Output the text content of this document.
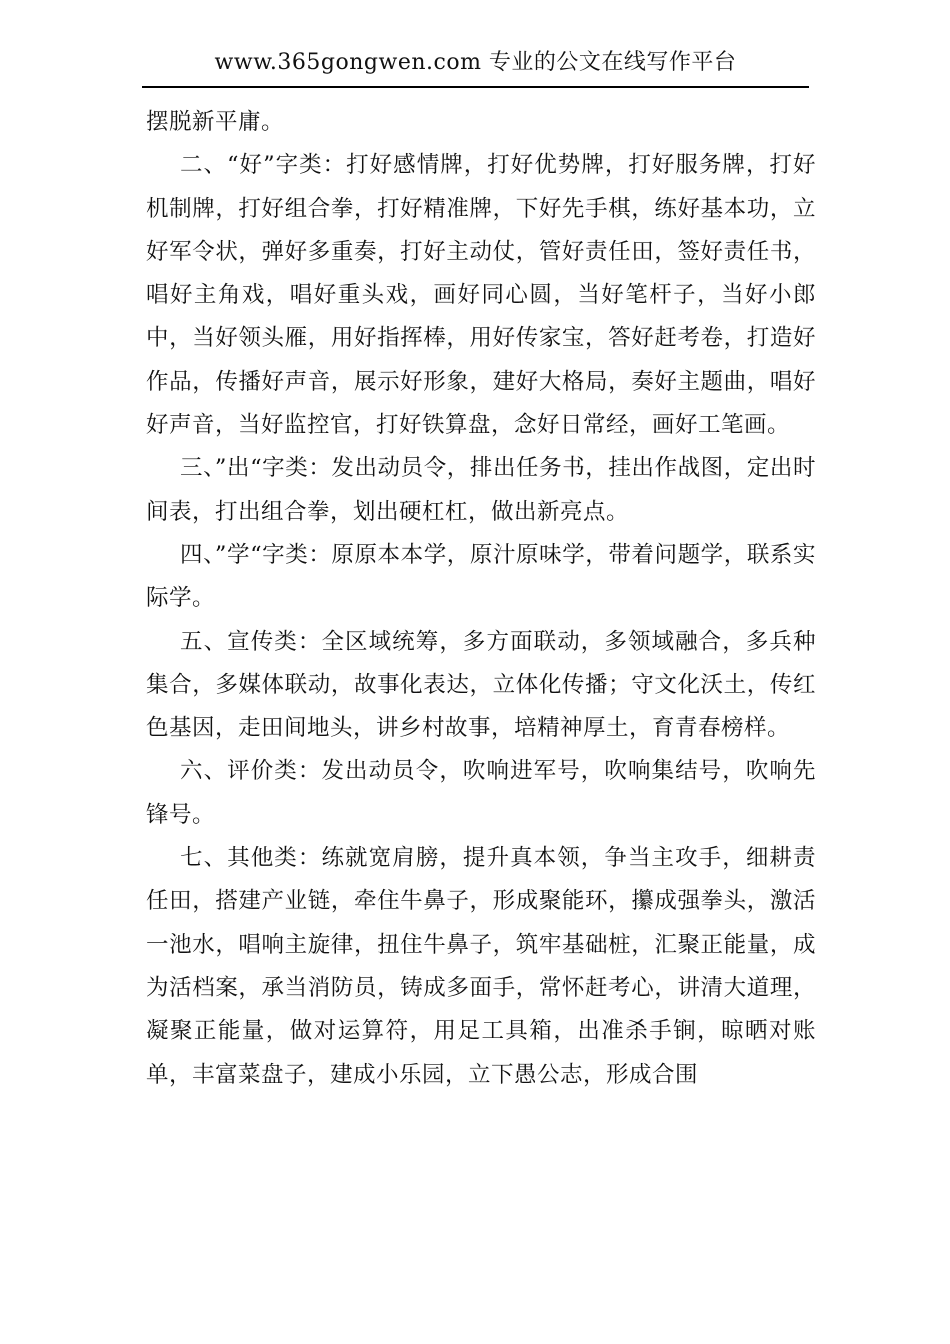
www.365gongwen.com 专业的公文在线写作平台

摆脱新平庸。

二、“好”字类：打好感情牌，打好优势牌，打好服务牌，打好机制牌，打好组合拳，打好精准牌，下好先手棋，练好基本功，立好军令状，弹好多重奏，打好主动仗，管好责任田，签好责任书，唱好主角戏，唱好重头戏，画好同心圆，当好笔杆子，当好小郎中，当好领头雁，用好指挥棒，用好传家宝，答好赶考卷，打造好作品，传播好声音，展示好形象，建好大格局，奏好主题曲，唱好好声音，当好监控官，打好铁算盘，念好日常经，画好工笔画。

三、”出“字类：发出动员令，排出任务书，挂出作战图，定出时间表，打出组合拳，划出硬杠杠，做出新亮点。

四、”学“字类：原原本本学，原汁原味学，带着问题学，联系实际学。

五、宣传类：全区域统筹，多方面联动，多领域融合，多兵种集合，多媒体联动，故事化表达，立体化传播；守文化沃土，传红色基因，走田间地头，讲乡村故事，培精神厚土，育青春榜样。

六、评价类：发出动员令，吹响进军号，吹响集结号，吹响先锋号。

七、其他类：练就宽肩膀，提升真本领，争当主攻手，细耕责任田，搭建产业链，牵住牛鼻子，形成聚能环，攥成强拳头，激活一池水，唱响主旋律，扭住牛鼻子，筑牢基础桩，汇聚正能量，成为活档案，承当消防员，铸成多面手，常怀赶考心，讲清大道理，凝聚正能量，做对运算符，用足工具箱，出准杀手锏，晾晒对账单，丰富菜盘子，建成小乐园，立下愚公志，形成合围
